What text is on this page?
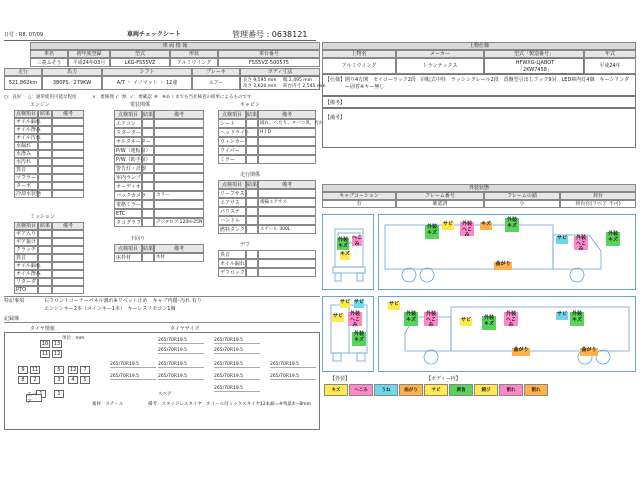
日付 : R8. 07/09	車両チェックシート	管理番号 : 0638121
車 両 情 報
車名	初年度登録	型式	形状	車台番号
三菱ふそう	平成24年03月	LKG-FS55VZ	アルミウイング	FS55VZ-500575
走行	馬力	シフト	ブレーキ	ボディ寸法
521,862km	380PS／279KW	A/T ・ イノマット ・ 12速	エアー	長さ 9,595 mm 幅 2,495 mm
高さ 2,620 mm 荷台内寸 2,545 mm
○：良好 △：通常使用可能な程度	×：要修理 /：無 ✓：要確認 ※：※あくまでも当社検査の結果によるものです
エンジン
点検項目 結果	備考
オイル漏れ
オイル滲み
オイル汚れ
水漏れ
水滲み
水汚れ
異音
マフラー
ターボ
冷却水状態
電装関係
点検項目	結果	備考
エアコン
スターター
オルタネーター
P/W（運転席）
P/W（助手席）
警告灯・計器
室内ランプ
オーディオ
バックカメラ	カラー
電格ミラー
ETC
タコグラフ	デジタログ 120H-25N
キャビン
点検項目	結果	備考
シート	破れ、へたり、タバコ臭、汚れ
ヘッドライト	H I D
ウィンカー
ワイパー
ミラー
走行関係
点検項目	結果	備考
リーフサス
エアサス	後輪エアサス
パワステ
ハンドル
燃料タンク	スチール 300L
ミッション
点検項目 結果	備考
ギア入り
ギア抜け
クラッチ
異音
オイル漏れ
オイル滲み
リターダ
PTO
下回り
点検項目	結果	備考
床枠材	木材
デフ
異音
オイル漏れ
デフロック
特記事項	右フロントコーナーパネル割れ※リベット止め　キャブ内傷･汚れ 有り
エンジンキー2本（メインキー1本）　キーレスリモコン1個
記録簿
タイヤ情報	タイヤサイズ
単位：mm
10	13
11	12
9	11	5	12	7
8	2	3	4	5
1
スペア
265/70R19.5	265/70R19.5
265/70R19.5	265/70R19.5
265/70R19.5	265/70R19.5	265/70R19.5	265/70R19.5
265/70R19.5	265/70R19.5	265/70R19.5	265/70R19.5
265/70R19.5
スペア
素材：スチール	備考：スタッドレスタイヤ　ホイール付ミックスタイヤ12本揃っ※残量4～8mm
上物仕様
上物名	メーカー	型式「製造番号」	年式
アルミウイング	トランテックス	HFWXG-LJABOT
「2KW7458」
平成24年
【仕様】 開り4方開　セイコーラック2段　回転式中柱　ラッシングレール2段　爲盤型引出しフック9対　LED庫内灯4個　キーシリンダー固着※キー無し
【備考】
【備考】
外装状態
キャブコーション	フレーム番号	フレームの錆	荷台
有	確認済	小	荷台有(リベア 不可)
外装
キズ
へこみ
キズ
外装
キズ
サビ	外装
へこみ
キズ
外装
キズ
サビ	外装
へこみ
外装
キズ
曲がり
サビ サビ
サビ	外装
へこみ
外装
キズ
サビ
外装
キズ
外装
へこみ
サビ	外装
キズ
外装
へこみ
サビ 外装
キズ
曲がり	曲がり
【外装】	【ボディー内】
キズ	へこみ	うね	曲がり	サビ	腐食	錆び	割れ	割れ
